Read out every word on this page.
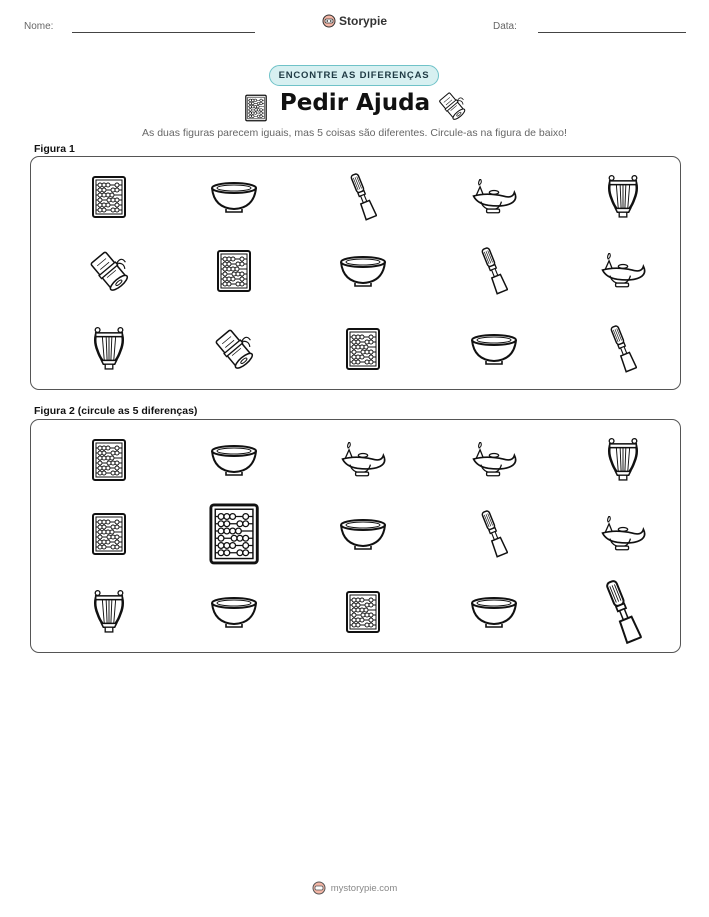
Nome:	Storypie	Data:
ENCONTRE AS DIFERENÇAS
Pedir Ajuda
As duas figuras parecem iguais, mas 5 coisas são diferentes. Circule-as na figura de baixo!
Figura 1
Figura 2 (circule as 5 diferenças)
mystorypie.com
